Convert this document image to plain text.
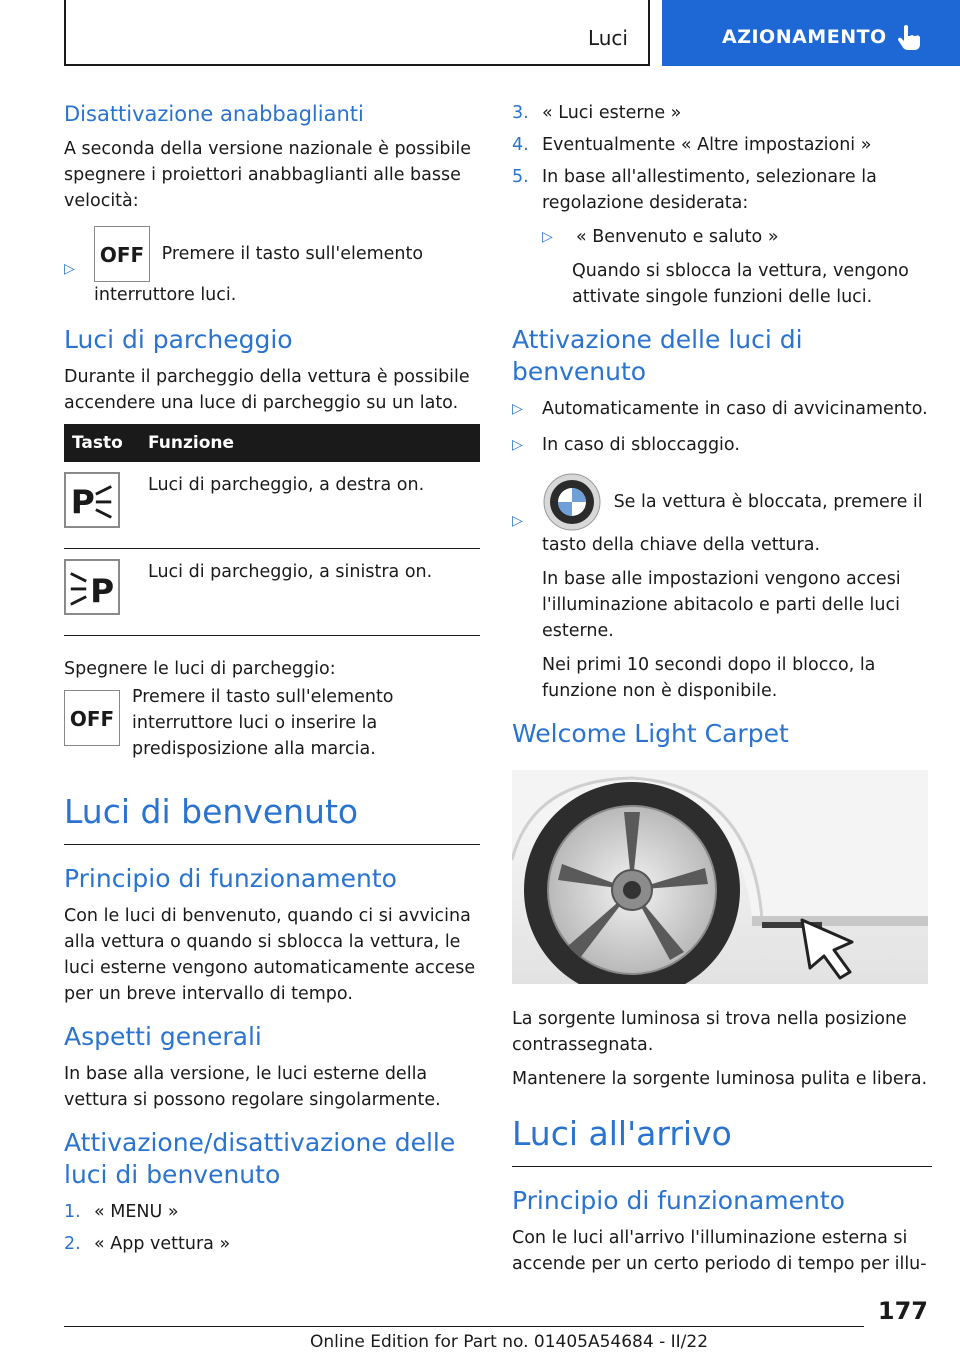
Luci	AZIONAMENTO
Disattivazione anabbaglianti

A seconda della versione nazionale è possibile spegnere i proiettori anabbaglianti alle basse velocità:

▷
OFF Premere il tasto sull'elemento interruttore luci.
Luci di parcheggio

Durante il parcheggio della vettura è possibile accendere una luce di parcheggio su un lato.

Tasto	Funzione

P	Luci di parcheggio, a destra on.

P	Luci di parcheggio, a sinistra on.

Spegnere le luci di parcheggio:

OFF

Premere il tasto sull'elemento interruttore luci o inserire la predisposizione alla marcia.

Luci di benvenuto
Principio di funzionamento

Con le luci di benvenuto, quando ci si avvicina alla vettura o quando si sblocca la vettura, le luci esterne vengono automaticamente accese per un breve intervallo di tempo.

Aspetti generali

In base alla versione, le luci esterne della vettura si possono regolare singolarmente.

Attivazione/disattivazione delle luci di benvenuto
1. « MENU »
2. « App vettura »
3. « Luci esterne »
4. Eventualmente « Altre impostazioni »
5. In base all'allestimento, selezionare la regolazione desiderata:
▷ « Benvenuto e saluto »

Quando si sblocca la vettura, vengono attivate singole funzioni delle luci.

Attivazione delle luci di benvenuto
▷ Automaticamente in caso di avvicinamento.
▷ In caso di sbloccaggio.
▷
Se la vettura è bloccata, premere il tasto della chiave della vettura.

In base alle impostazioni vengono accesi l'illuminazione abitacolo e parti delle luci esterne.

Nei primi 10 secondi dopo il blocco, la funzione non è disponibile.

Welcome Light Carpet

La sorgente luminosa si trova nella posizione contrassegnata.

Mantenere la sorgente luminosa pulita e libera.

Luci all'arrivo
Principio di funzionamento

Con le luci all'arrivo l'illuminazione esterna si accende per un certo periodo di tempo per illu-

177
Online Edition for Part no. 01405A54684 - II/22
